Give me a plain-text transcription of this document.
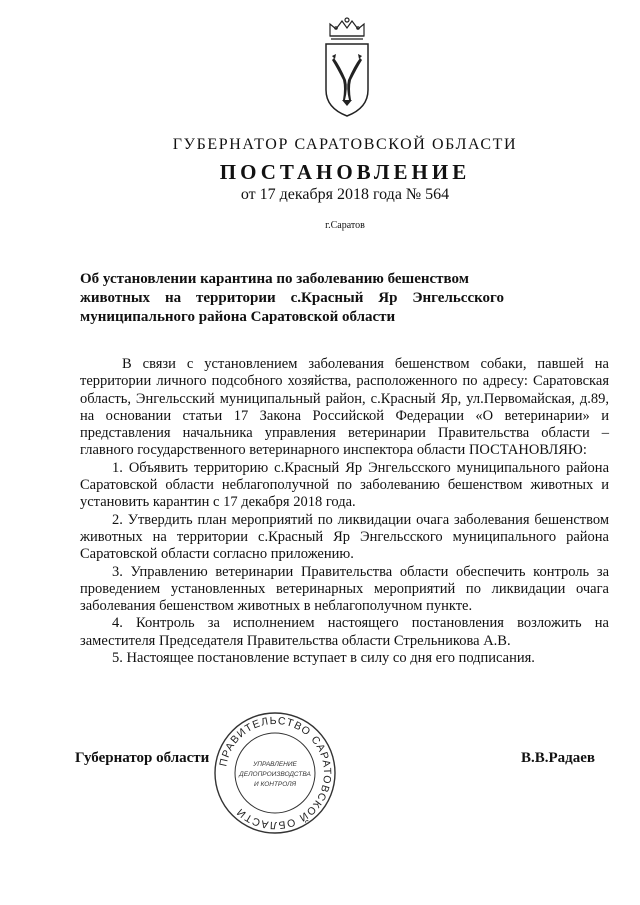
ГУБЕРНАТОР САРАТОВСКОЙ ОБЛАСТИ
ПОСТАНОВЛЕНИЕ
от 17 декабря 2018 года № 564
г.Саратов
Об установлении карантина по заболеванию бешенством
животных на территории с.Красный Яр Энгельсского
муниципального района Саратовской области

В связи с установлением заболевания бешенством собаки, павшей на территории личного подсобного хозяйства, расположенного по адресу: Саратовская область, Энгельсский муниципальный район, с.Красный Яр, ул.Первомайская, д.89, на основании статьи 17 Закона Российской Федерации «О ветеринарии» и представления начальника управления ветеринарии Правительства области – главного государственного ветеринарного инспектора области ПОСТАНОВЛЯЮ:

1. Объявить территорию с.Красный Яр Энгельсского муниципального района Саратовской области неблагополучной по заболеванию бешенством животных и установить карантин с 17 декабря 2018 года.

2. Утвердить план мероприятий по ликвидации очага заболевания бешенством животных на территории с.Красный Яр Энгельсского муниципального района Саратовской области согласно приложению.

3. Управлению ветеринарии Правительства области обеспечить контроль за проведением установленных ветеринарных мероприятий по ликвидации очага заболевания бешенством животных в неблагополучном пункте.

4. Контроль за исполнением настоящего постановления возложить на заместителя Председателя Правительства области Стрельникова А.В.

5. Настоящее постановление вступает в силу со дня его подписания.

Губернатор области	В.В.Радаев
ПРАВИТЕЛЬСТВО САРАТОВСКОЙ ОБЛАСТИ
УПРАВЛЕНИЕ
ДЕЛОПРОИЗВОДСТВА
И КОНТРОЛЯ
